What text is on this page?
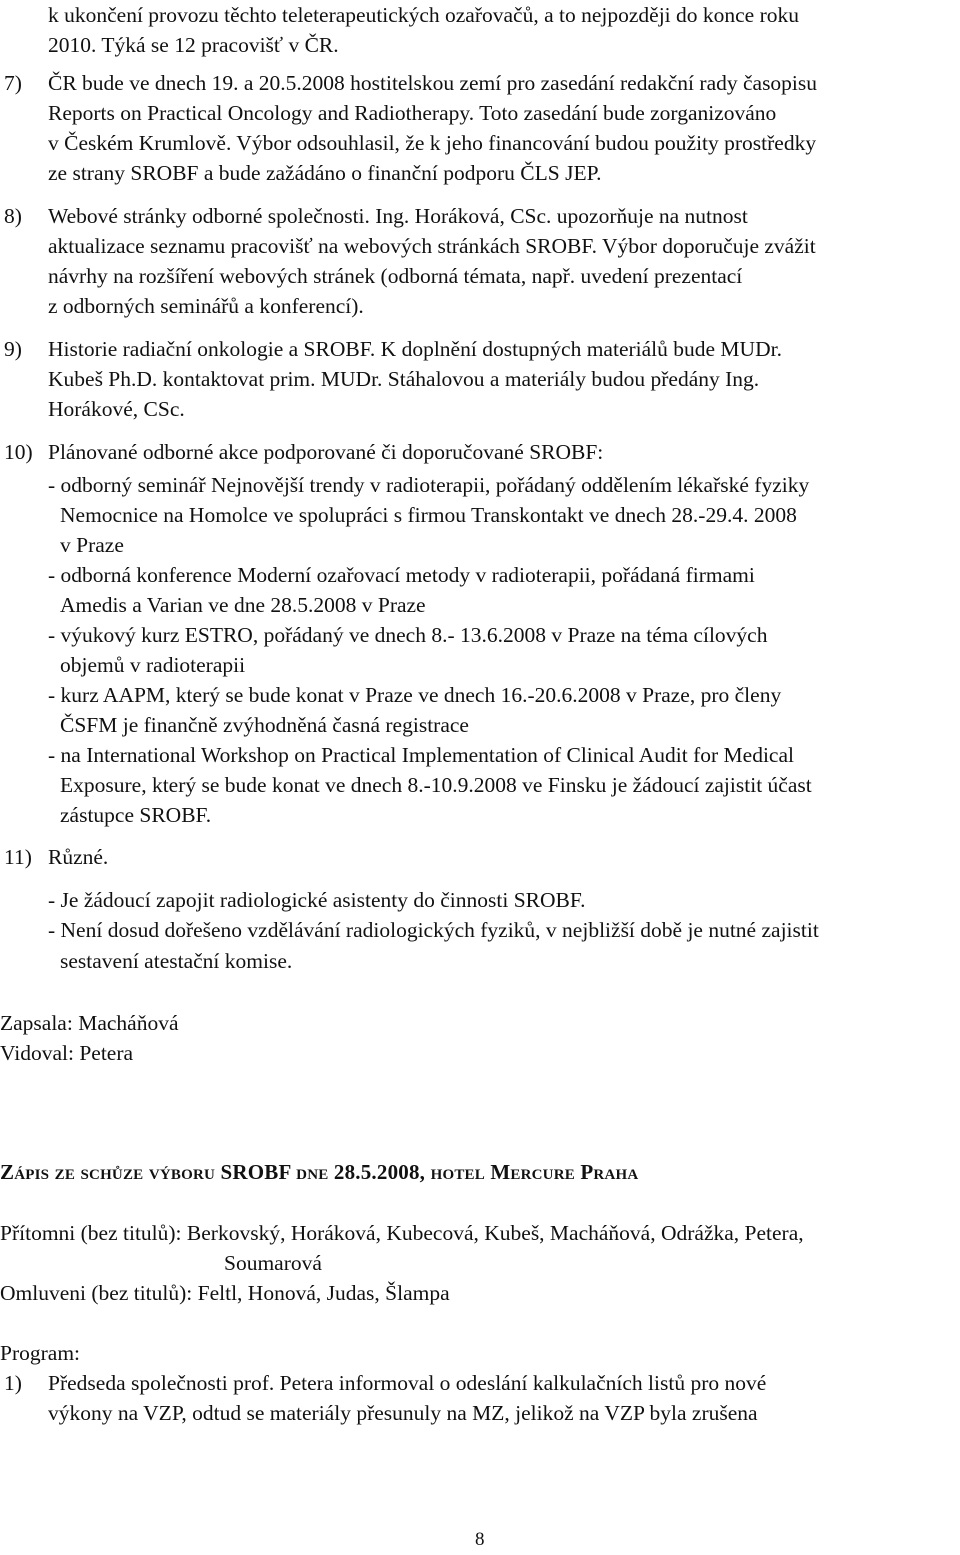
k ukončení provozu těchto teleterapeutických ozařovačů, a to nejpozději do konce roku
2010. Týká se 12 pracovišť v ČR.
7) ČR bude ve dnech 19. a 20.5.2008 hostitelskou zemí pro zasedání redakční rady časopisu
Reports on Practical Oncology and Radiotherapy. Toto zasedání bude zorganizováno
v Českém Krumlově. Výbor odsouhlasil, že k jeho financování budou použity prostředky
ze strany SROBF a bude zažádáno o finanční podporu ČLS JEP.
8) Webové stránky odborné společnosti. Ing. Horáková, CSc. upozorňuje na nutnost
aktualizace seznamu pracovišť na webových stránkách SROBF. Výbor doporučuje zvážit
návrhy na rozšíření webových stránek (odborná témata, např. uvedení prezentací
z odborných seminářů a konferencí).
9) Historie radiační onkologie a SROBF. K doplnění dostupných materiálů bude MUDr.
Kubeš Ph.D. kontaktovat prim. MUDr. Stáhalovou a materiály budou předány Ing.
Horákové, CSc.
10) Plánované odborné akce podporované či doporučované SROBF:
- odborný seminář Nejnovější trendy v radioterapii, pořádaný oddělením lékařské fyziky
Nemocnice na Homolce ve spolupráci s firmou Transkontakt ve dnech 28.-29.4. 2008
v Praze
- odborná konference Moderní ozařovací metody v radioterapii, pořádaná firmami
Amedis a Varian ve dne 28.5.2008 v Praze
- výukový kurz ESTRO, pořádaný ve dnech 8.- 13.6.2008 v Praze na téma cílových
objemů v radioterapii
- kurz AAPM, který se bude konat v Praze ve dnech 16.-20.6.2008 v Praze, pro členy
ČSFM je finančně zvýhodněná časná registrace
- na International Workshop on Practical Implementation of Clinical Audit for Medical
Exposure, který se bude konat ve dnech 8.-10.9.2008 ve Finsku je žádoucí zajistit účast
zástupce SROBF.
11) Různé.
- Je žádoucí zapojit radiologické asistenty do činnosti SROBF.
- Není dosud dořešeno vzdělávání radiologických fyziků, v nejbližší době je nutné zajistit
sestavení atestační komise.
Zapsala: Macháňová
Vidoval: Petera
Zápis ze schůze výboru SROBF dne 28.5.2008, hotel Mercure Praha
Přítomni (bez titulů): Berkovský, Horáková, Kubecová, Kubeš, Macháňová, Odrážka, Petera,
Soumarová
Omluveni (bez titulů): Feltl, Honová, Judas, Šlampa
Program:
1) Předseda společnosti prof. Petera informoval o odeslání kalkulačních listů pro nové
výkony na VZP, odtud se materiály přesunuly na MZ, jelikož na VZP byla zrušena
8
